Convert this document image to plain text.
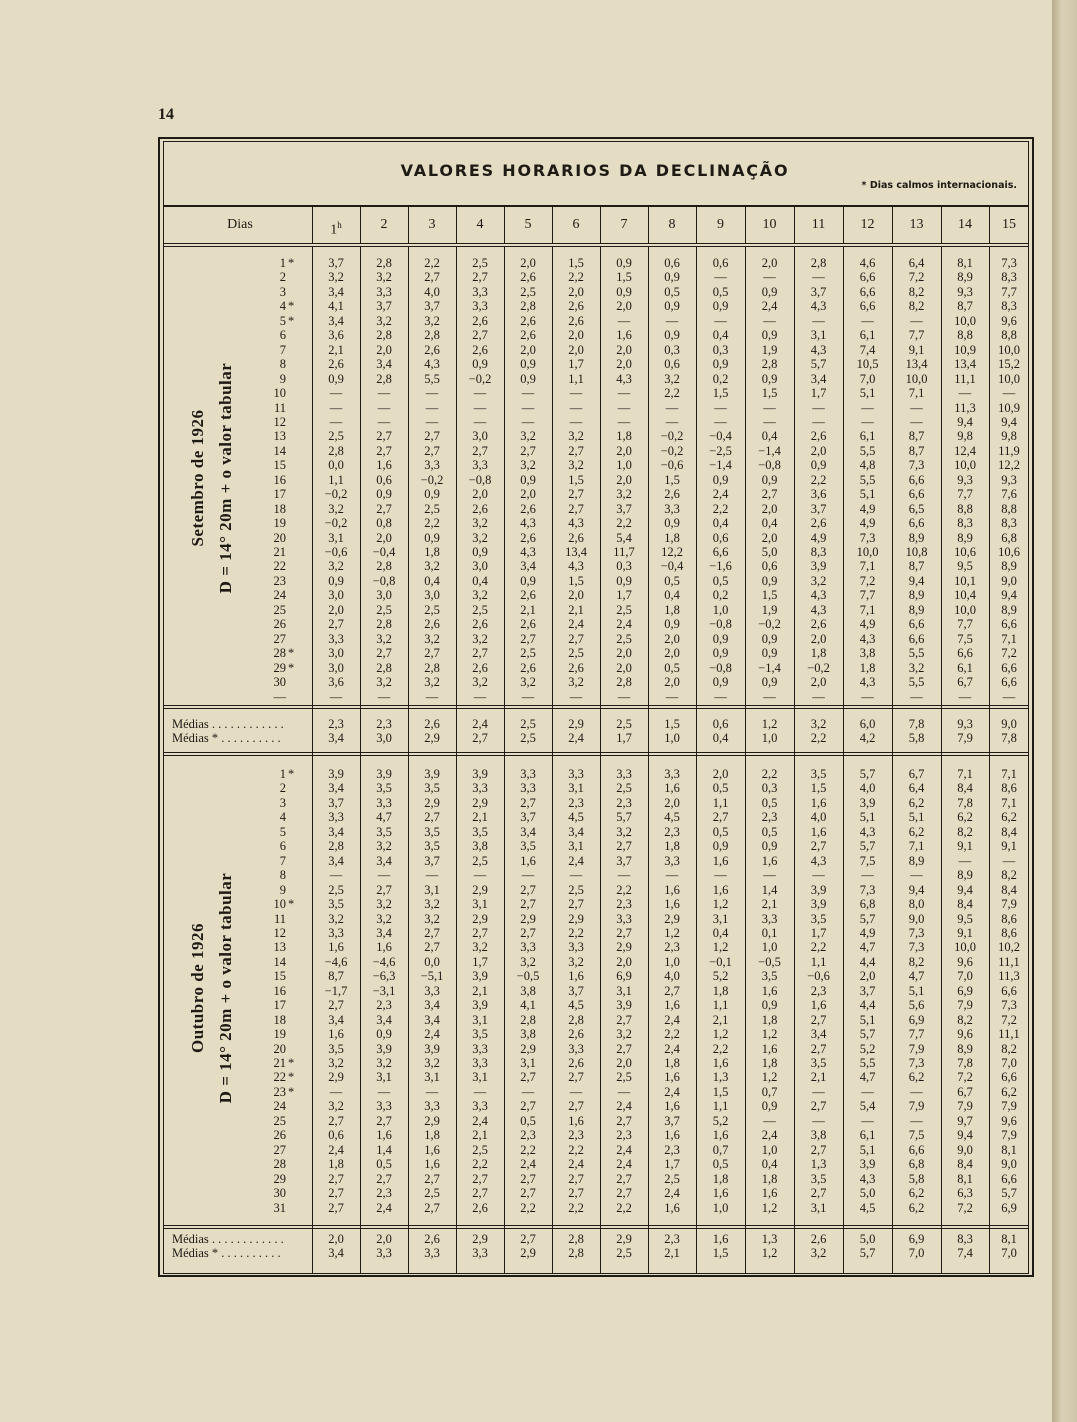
14
VALORES HORARIOS DA DECLINAÇÃO
* Dias calmos internacionais.
Dias	1$^h$	2	3	4	5	6	7	8	9	10	11	12	13	14	15
Setembro de 1926 D = 14° 20m + o valor tabular
Outubro de 1926 D = 14° 20m + o valor tabular
1 *	3,7	2,8	2,2	2,5	2,0	1,5	0,9	0,6	0,6	2,0	2,8	4,6	6,4	8,1	7,3
2	3,2	3,2	2,7	2,7	2,6	2,2	1,5	0,9	—	—	—	6,6	7,2	8,9	8,3
3	3,4	3,3	4,0	3,3	2,5	2,0	0,9	0,5	0,5	0,9	3,7	6,6	8,2	9,3	7,7
4 *	4,1	3,7	3,7	3,3	2,8	2,6	2,0	0,9	0,9	2,4	4,3	6,6	8,2	8,7	8,3
5 *	3,4	3,2	3,2	2,6	2,6	2,6	—	—	—	—	—	—	—	10,0	9,6
6	3,6	2,8	2,8	2,7	2,6	2,0	1,6	0,9	0,4	0,9	3,1	6,1	7,7	8,8	8,8
7	2,1	2,0	2,6	2,6	2,0	2,0	2,0	0,3	0,3	1,9	4,3	7,4	9,1	10,9	10,0
8	2,6	3,4	4,3	0,9	0,9	1,7	2,0	0,6	0,9	2,8	5,7	10,5	13,4	13,4	15,2
9	0,9	2,8	5,5	−0,2	0,9	1,1	4,3	3,2	0,2	0,9	3,4	7,0	10,0	11,1	10,0
10	—	—	—	—	—	—	—	2,2	1,5	1,5	1,7	5,1	7,1	—	—
11	—	—	—	—	—	—	—	—	—	—	—	—	—	11,3	10,9
12	—	—	—	—	—	—	—	—	—	—	—	—	—	9,4	9,4
13	2,5	2,7	2,7	3,0	3,2	3,2	1,8	−0,2	−0,4	0,4	2,6	6,1	8,7	9,8	9,8
14	2,8	2,7	2,7	2,7	2,7	2,7	2,0	−0,2	−2,5	−1,4	2,0	5,5	8,7	12,4	11,9
15	0,0	1,6	3,3	3,3	3,2	3,2	1,0	−0,6	−1,4	−0,8	0,9	4,8	7,3	10,0	12,2
16	1,1	0,6	−0,2	−0,8	0,9	1,5	2,0	1,5	0,9	0,9	2,2	5,5	6,6	9,3	9,3
17	−0,2	0,9	0,9	2,0	2,0	2,7	3,2	2,6	2,4	2,7	3,6	5,1	6,6	7,7	7,6
18	3,2	2,7	2,5	2,6	2,6	2,7	3,7	3,3	2,2	2,0	3,7	4,9	6,5	8,8	8,8
19	−0,2	0,8	2,2	3,2	4,3	4,3	2,2	0,9	0,4	0,4	2,6	4,9	6,6	8,3	8,3
20	3,1	2,0	0,9	3,2	2,6	2,6	5,4	1,8	0,6	2,0	4,9	7,3	8,9	8,9	6,8
21	−0,6	−0,4	1,8	0,9	4,3	13,4	11,7	12,2	6,6	5,0	8,3	10,0	10,8	10,6	10,6
22	3,2	2,8	3,2	3,0	3,4	4,3	0,3	−0,4	−1,6	0,6	3,9	7,1	8,7	9,5	8,9
23	0,9	−0,8	0,4	0,4	0,9	1,5	0,9	0,5	0,5	0,9	3,2	7,2	9,4	10,1	9,0
24	3,0	3,0	3,0	3,2	2,6	2,0	1,7	0,4	0,2	1,5	4,3	7,7	8,9	10,4	9,4
25	2,0	2,5	2,5	2,5	2,1	2,1	2,5	1,8	1,0	1,9	4,3	7,1	8,9	10,0	8,9
26	2,7	2,8	2,6	2,6	2,6	2,4	2,4	0,9	−0,8	−0,2	2,6	4,9	6,6	7,7	6,6
27	3,3	3,2	3,2	3,2	2,7	2,7	2,5	2,0	0,9	0,9	2,0	4,3	6,6	7,5	7,1
28 *	3,0	2,7	2,7	2,7	2,5	2,5	2,0	2,0	0,9	0,9	1,8	3,8	5,5	6,6	7,2
29 *	3,0	2,8	2,8	2,6	2,6	2,6	2,0	0,5	−0,8	−1,4	−0,2	1,8	3,2	6,1	6,6
30	3,6	3,2	3,2	3,2	3,2	3,2	2,8	2,0	0,9	0,9	2,0	4,3	5,5	6,7	6,6
—	—	—	—	—	—	—	—	—	—	—	—	—	—	—	—
1 *	3,9	3,9	3,9	3,9	3,3	3,3	3,3	3,3	2,0	2,2	3,5	5,7	6,7	7,1	7,1
2	3,4	3,5	3,5	3,3	3,3	3,1	2,5	1,6	0,5	0,3	1,5	4,0	6,4	8,4	8,6
3	3,7	3,3	2,9	2,9	2,7	2,3	2,3	2,0	1,1	0,5	1,6	3,9	6,2	7,8	7,1
4	3,3	4,7	2,7	2,1	3,7	4,5	5,7	4,5	2,7	2,3	4,0	5,1	5,1	6,2	6,2
5	3,4	3,5	3,5	3,5	3,4	3,4	3,2	2,3	0,5	0,5	1,6	4,3	6,2	8,2	8,4
6	2,8	3,2	3,5	3,8	3,5	3,1	2,7	1,8	0,9	0,9	2,7	5,7	7,1	9,1	9,1
7	3,4	3,4	3,7	2,5	1,6	2,4	3,7	3,3	1,6	1,6	4,3	7,5	8,9	—	—
8	—	—	—	—	—	—	—	—	—	—	—	—	—	8,9	8,2
9	2,5	2,7	3,1	2,9	2,7	2,5	2,2	1,6	1,6	1,4	3,9	7,3	9,4	9,4	8,4
10 *	3,5	3,2	3,2	3,1	2,7	2,7	2,3	1,6	1,2	2,1	3,9	6,8	8,0	8,4	7,9
11	3,2	3,2	3,2	2,9	2,9	2,9	3,3	2,9	3,1	3,3	3,5	5,7	9,0	9,5	8,6
12	3,3	3,4	2,7	2,7	2,7	2,2	2,7	1,2	0,4	0,1	1,7	4,9	7,3	9,1	8,6
13	1,6	1,6	2,7	3,2	3,3	3,3	2,9	2,3	1,2	1,0	2,2	4,7	7,3	10,0	10,2
14	−4,6	−4,6	0,0	1,7	3,2	3,2	2,0	1,0	−0,1	−0,5	1,1	4,4	8,2	9,6	11,1
15	8,7	−6,3	−5,1	3,9	−0,5	1,6	6,9	4,0	5,2	3,5	−0,6	2,0	4,7	7,0	11,3
16	−1,7	−3,1	3,3	2,1	3,8	3,7	3,1	2,7	1,8	1,6	2,3	3,7	5,1	6,9	6,6
17	2,7	2,3	3,4	3,9	4,1	4,5	3,9	1,6	1,1	0,9	1,6	4,4	5,6	7,9	7,3
18	3,4	3,4	3,4	3,1	2,8	2,8	2,7	2,4	2,1	1,8	2,7	5,1	6,9	8,2	7,2
19	1,6	0,9	2,4	3,5	3,8	2,6	3,2	2,2	1,2	1,2	3,4	5,7	7,7	9,6	11,1
20	3,5	3,9	3,9	3,3	2,9	3,3	2,7	2,4	2,2	1,6	2,7	5,2	7,9	8,9	8,2
21 *	3,2	3,2	3,2	3,3	3,1	2,6	2,0	1,8	1,6	1,8	3,5	5,5	7,3	7,8	7,0
22 *	2,9	3,1	3,1	3,1	2,7	2,7	2,5	1,6	1,3	1,2	2,1	4,7	6,2	7,2	6,6
23 *	—	—	—	—	—	—	—	2,4	1,5	0,7	—	—	—	6,7	6,2
24	3,2	3,3	3,3	3,3	2,7	2,7	2,4	1,6	1,1	0,9	2,7	5,4	7,9	7,9	7,9
25	2,7	2,7	2,9	2,4	0,5	1,6	2,7	3,7	5,2	—	—	—	—	9,7	9,6
26	0,6	1,6	1,8	2,1	2,3	2,3	2,3	1,6	1,6	2,4	3,8	6,1	7,5	9,4	7,9
27	2,4	1,4	1,6	2,5	2,2	2,2	2,4	2,3	0,7	1,0	2,7	5,1	6,6	9,0	8,1
28	1,8	0,5	1,6	2,2	2,4	2,4	2,4	1,7	0,5	0,4	1,3	3,9	6,8	8,4	9,0
29	2,7	2,7	2,7	2,7	2,7	2,7	2,7	2,5	1,8	1,8	3,5	4,3	5,8	8,1	6,6
30	2,7	2,3	2,5	2,7	2,7	2,7	2,7	2,4	1,6	1,6	2,7	5,0	6,2	6,3	5,7
31	2,7	2,4	2,7	2,6	2,2	2,2	2,2	1,6	1,0	1,2	3,1	4,5	6,2	7,2	6,9
Médias . . . . . . . . . . . .	2,3	2,3	2,6	2,4	2,5	2,9	2,5	1,5	0,6	1,2	3,2	6,0	7,8	9,3	9,0
Médias * . . . . . . . . . .	3,4	3,0	2,9	2,7	2,5	2,4	1,7	1,0	0,4	1,0	2,2	4,2	5,8	7,9	7,8
Médias . . . . . . . . . . . .	2,0	2,0	2,6	2,9	2,7	2,8	2,9	2,3	1,6	1,3	2,6	5,0	6,9	8,3	8,1
Médias * . . . . . . . . . .	3,4	3,3	3,3	3,3	2,9	2,8	2,5	2,1	1,5	1,2	3,2	5,7	7,0	7,4	7,0
